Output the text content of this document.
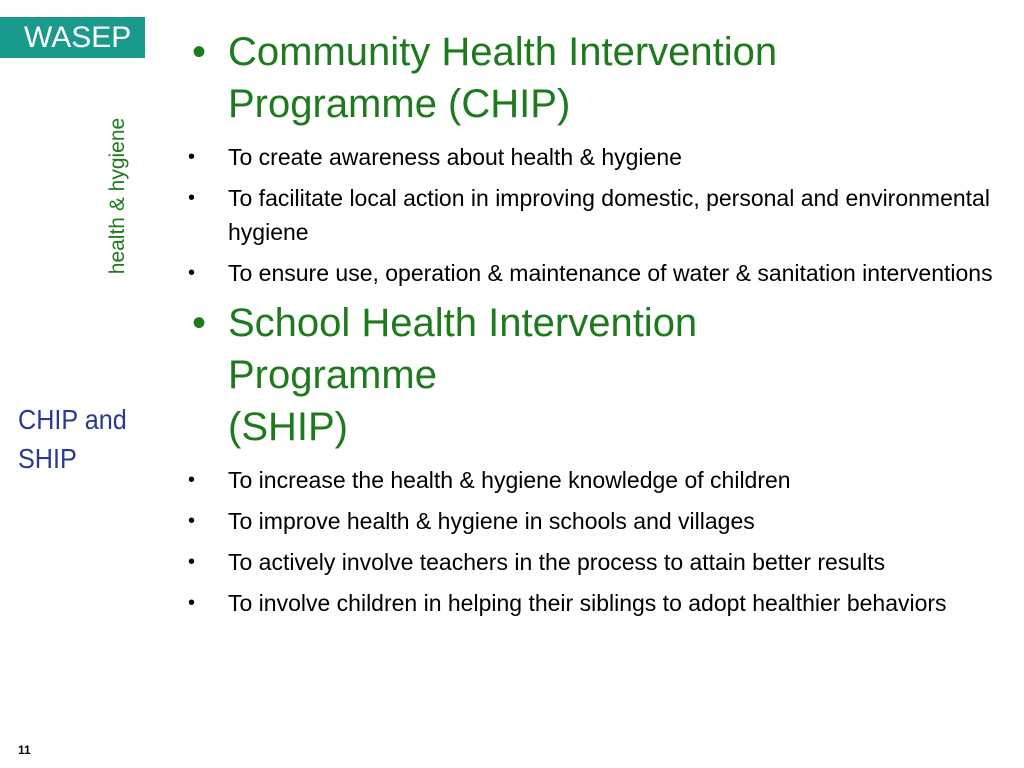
WASEP
health & hygiene
CHIP and
SHIP
11
• Community Health Intervention
Programme (CHIP)
• To create awareness about health & hygiene
• To facilitate local action in improving domestic, personal and environmental hygiene
• To ensure use, operation & maintenance of water & sanitation interventions
• School Health Intervention
Programme
(SHIP)
• To increase the health & hygiene knowledge of children
• To improve health & hygiene in schools and villages
• To actively involve teachers in the process to attain better results
• To involve children in helping their siblings to adopt healthier behaviors
